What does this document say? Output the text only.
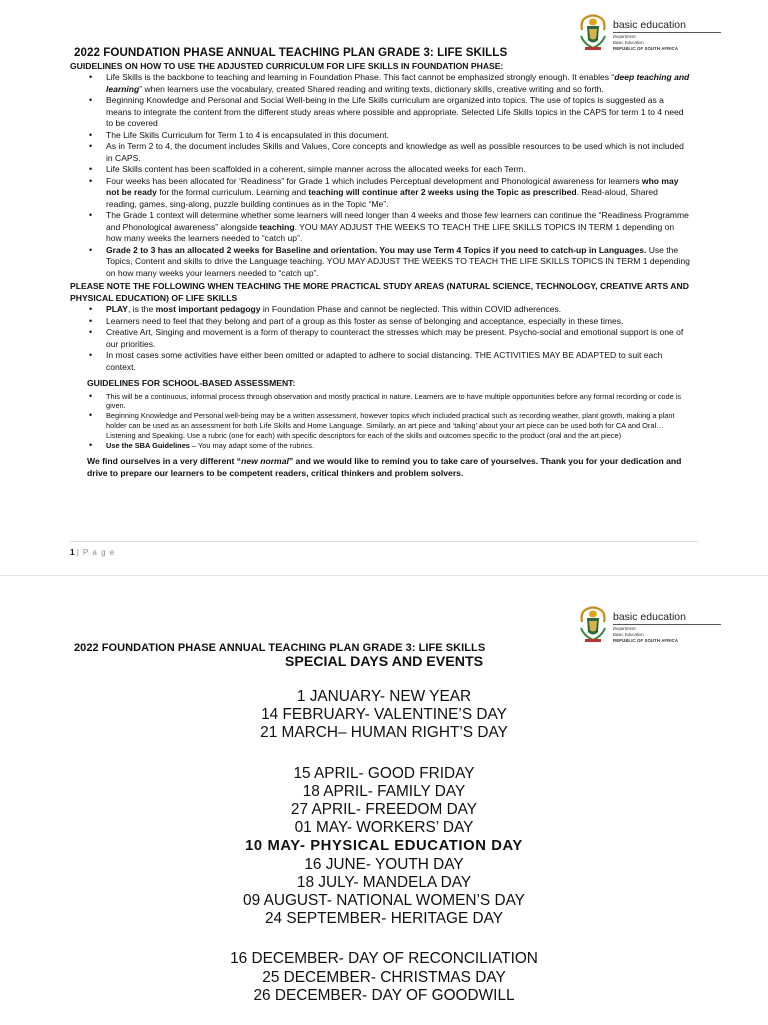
basic education
Department:
Basic Education
REPUBLIC OF SOUTH AFRICA
2022 FOUNDATION PHASE ANNUAL TEACHING PLAN GRADE 3: LIFE SKILLS
GUIDELINES ON HOW TO USE THE ADJUSTED CURRICULUM FOR LIFE SKILLS IN FOUNDATION PHASE:
• Life Skills is the backbone to teaching and learning in Foundation Phase. This fact cannot be emphasized strongly enough. It enables “deep teaching and learning” when learners use the vocabulary, created Shared reading and writing texts, dictionary skills, creative writing and so forth.
• Beginning Knowledge and Personal and Social Well-being in the Life Skills curriculum are organized into topics. The use of topics is suggested as a means to integrate the content from the different study areas where possible and appropriate. Selected Life Skills topics in the CAPS for term 1 to 4 need to be covered
• The Life Skills Curriculum for Term 1 to 4 is encapsulated in this document.
• As in Term 2 to 4, the document includes Skills and Values, Core concepts and knowledge as well as possible resources to be used which is not included in CAPS.
• Life Skills content has been scaffolded in a coherent, simple manner across the allocated weeks for each Term.
• Four weeks has been allocated for ‘Readiness” for Grade 1 which includes Perceptual development and Phonological awareness for learners who may not be ready for the formal curriculum. Learning and teaching will continue after 2 weeks using the Topic as prescribed. Read-aloud, Shared reading, games, sing-along, puzzle building continues as in the Topic “Me”.
• The Grade 1 context will determine whether some learners will need longer than 4 weeks and those few learners can continue the “Readiness Programme and Phonological awareness” alongside teaching. YOU MAY ADJUST THE WEEKS TO TEACH THE LIFE SKILLS TOPICS IN TERM 1 depending on how many weeks the learners needed to “catch up”.
• Grade 2 to 3 has an allocated 2 weeks for Baseline and orientation. You may use Term 4 Topics if you need to catch-up in Languages. Use the Topics, Content and skills to drive the Language teaching. YOU MAY ADJUST THE WEEKS TO TEACH THE LIFE SKILLS TOPICS IN TERM 1 depending on how many weeks your learners needed to “catch up”.
PLEASE NOTE THE FOLLOWING WHEN TEACHING THE MORE PRACTICAL STUDY AREAS (NATURAL SCIENCE, TECHNOLOGY, CREATIVE ARTS AND PHYSICAL EDUCATION) OF LIFE SKILLS
• PLAY, is the most important pedagogy in Foundation Phase and cannot be neglected. This within COVID adherences.
• Learners need to feel that they belong and part of a group as this foster as sense of belonging and acceptance, especially in these times.
• Creative Art, Singing and movement is a form of therapy to counteract the stresses which may be present. Psycho-social and emotional support is one of our priorities.
• In most cases some activities have either been omitted or adapted to adhere to social distancing. THE ACTIVITIES MAY BE ADAPTED to suit each context.
GUIDELINES FOR SCHOOL-BASED ASSESSMENT:
• This will be a continuous, informal process through observation and mostly practical in nature. Learners are to have multiple opportunities before any formal recording or code is given.
• Beginning Knowledge and Personal well-being may be a written assessment, however topics which included practical such as recording weather, plant growth, making a plant holder can be used as an assessment for both Life Skills and Home Language. Similarly, an art piece and ‘talking’ about your art piece can be used both for CA and Oral…Listening and Speaking. Use a rubric (one for each) with specific descriptors for each of the skills and outcomes specific to the product (oral and the art piece)
• Use the SBA Guidelines – You may adapt some of the rubrics.
We find ourselves in a very different “new normal” and we would like to remind you to take care of yourselves. Thank you for your dedication and drive to prepare our learners to be competent readers, critical thinkers and problem solvers.
1 | P a g e
basic education
Department:
Basic Education
REPUBLIC OF SOUTH AFRICA
2022 FOUNDATION PHASE ANNUAL TEACHING PLAN GRADE 3: LIFE SKILLS
SPECIAL DAYS AND EVENTS
1 JANUARY- NEW YEAR
14 FEBRUARY- VALENTINE’S DAY
21 MARCH– HUMAN RIGHT’S DAY
15 APRIL- GOOD FRIDAY
18 APRIL- FAMILY DAY
27 APRIL- FREEDOM DAY
01 MAY- WORKERS’ DAY
10 MAY- PHYSICAL EDUCATION DAY
16 JUNE- YOUTH DAY
18 JULY- MANDELA DAY
09 AUGUST- NATIONAL WOMEN’S DAY
24 SEPTEMBER- HERITAGE DAY
16 DECEMBER- DAY OF RECONCILIATION
25 DECEMBER- CHRISTMAS DAY
26 DECEMBER- DAY OF GOODWILL
